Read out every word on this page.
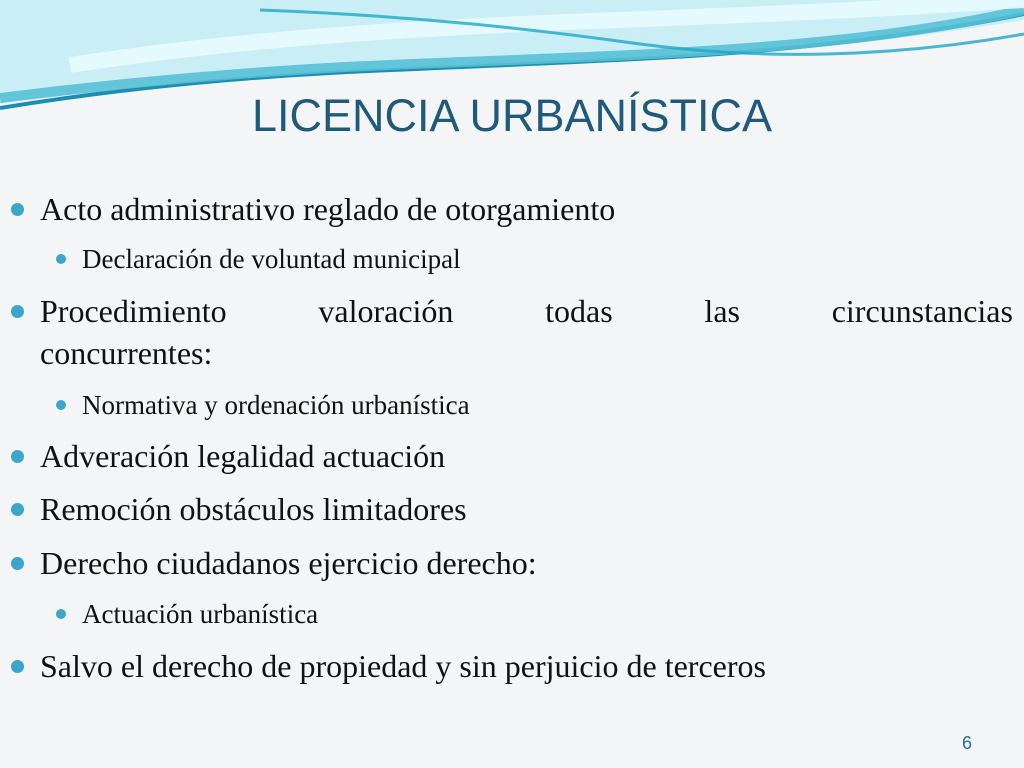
LICENCIA URBANÍSTICA
Acto administrativo reglado de otorgamiento
Declaración de voluntad municipal
Procedimiento	valoración	todas	las	circunstancias
concurrentes:
Normativa y ordenación urbanística
Adveración legalidad actuación
Remoción obstáculos limitadores
Derecho ciudadanos ejercicio derecho:
Actuación urbanística
Salvo el derecho de propiedad y sin perjuicio de terceros
6
